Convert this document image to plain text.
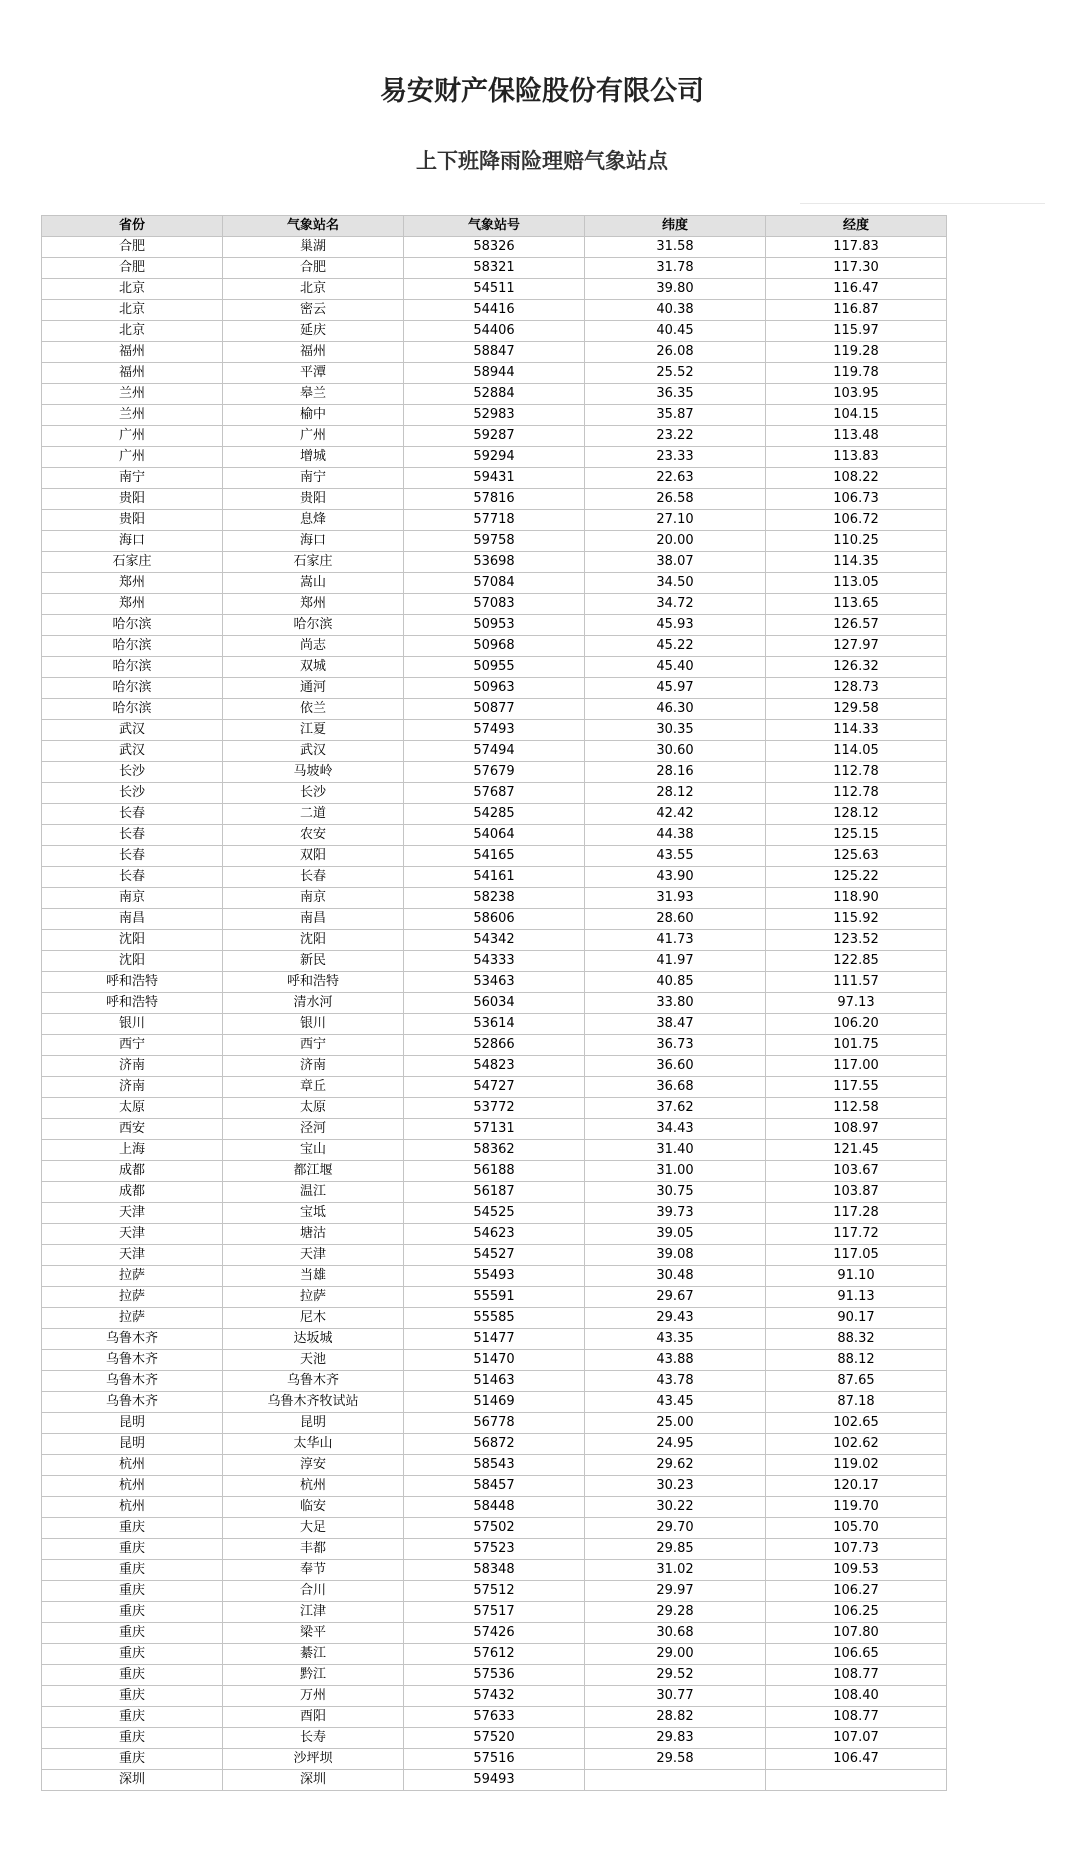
易安财产保险股份有限公司
上下班降雨险理赔气象站点
省份	气象站名	气象站号	纬度	经度
合肥	巢湖	58326	31.58	117.83
合肥	合肥	58321	31.78	117.30
北京	北京	54511	39.80	116.47
北京	密云	54416	40.38	116.87
北京	延庆	54406	40.45	115.97
福州	福州	58847	26.08	119.28
福州	平潭	58944	25.52	119.78
兰州	皋兰	52884	36.35	103.95
兰州	榆中	52983	35.87	104.15
广州	广州	59287	23.22	113.48
广州	增城	59294	23.33	113.83
南宁	南宁	59431	22.63	108.22
贵阳	贵阳	57816	26.58	106.73
贵阳	息烽	57718	27.10	106.72
海口	海口	59758	20.00	110.25
石家庄	石家庄	53698	38.07	114.35
郑州	嵩山	57084	34.50	113.05
郑州	郑州	57083	34.72	113.65
哈尔滨	哈尔滨	50953	45.93	126.57
哈尔滨	尚志	50968	45.22	127.97
哈尔滨	双城	50955	45.40	126.32
哈尔滨	通河	50963	45.97	128.73
哈尔滨	依兰	50877	46.30	129.58
武汉	江夏	57493	30.35	114.33
武汉	武汉	57494	30.60	114.05
长沙	马坡岭	57679	28.16	112.78
长沙	长沙	57687	28.12	112.78
长春	二道	54285	42.42	128.12
长春	农安	54064	44.38	125.15
长春	双阳	54165	43.55	125.63
长春	长春	54161	43.90	125.22
南京	南京	58238	31.93	118.90
南昌	南昌	58606	28.60	115.92
沈阳	沈阳	54342	41.73	123.52
沈阳	新民	54333	41.97	122.85
呼和浩特	呼和浩特	53463	40.85	111.57
呼和浩特	清水河	56034	33.80	97.13
银川	银川	53614	38.47	106.20
西宁	西宁	52866	36.73	101.75
济南	济南	54823	36.60	117.00
济南	章丘	54727	36.68	117.55
太原	太原	53772	37.62	112.58
西安	泾河	57131	34.43	108.97
上海	宝山	58362	31.40	121.45
成都	都江堰	56188	31.00	103.67
成都	温江	56187	30.75	103.87
天津	宝坻	54525	39.73	117.28
天津	塘沽	54623	39.05	117.72
天津	天津	54527	39.08	117.05
拉萨	当雄	55493	30.48	91.10
拉萨	拉萨	55591	29.67	91.13
拉萨	尼木	55585	29.43	90.17
乌鲁木齐	达坂城	51477	43.35	88.32
乌鲁木齐	天池	51470	43.88	88.12
乌鲁木齐	乌鲁木齐	51463	43.78	87.65
乌鲁木齐	乌鲁木齐牧试站	51469	43.45	87.18
昆明	昆明	56778	25.00	102.65
昆明	太华山	56872	24.95	102.62
杭州	淳安	58543	29.62	119.02
杭州	杭州	58457	30.23	120.17
杭州	临安	58448	30.22	119.70
重庆	大足	57502	29.70	105.70
重庆	丰都	57523	29.85	107.73
重庆	奉节	58348	31.02	109.53
重庆	合川	57512	29.97	106.27
重庆	江津	57517	29.28	106.25
重庆	梁平	57426	30.68	107.80
重庆	綦江	57612	29.00	106.65
重庆	黔江	57536	29.52	108.77
重庆	万州	57432	30.77	108.40
重庆	酉阳	57633	28.82	108.77
重庆	长寿	57520	29.83	107.07
重庆	沙坪坝	57516	29.58	106.47
深圳	深圳	59493		
